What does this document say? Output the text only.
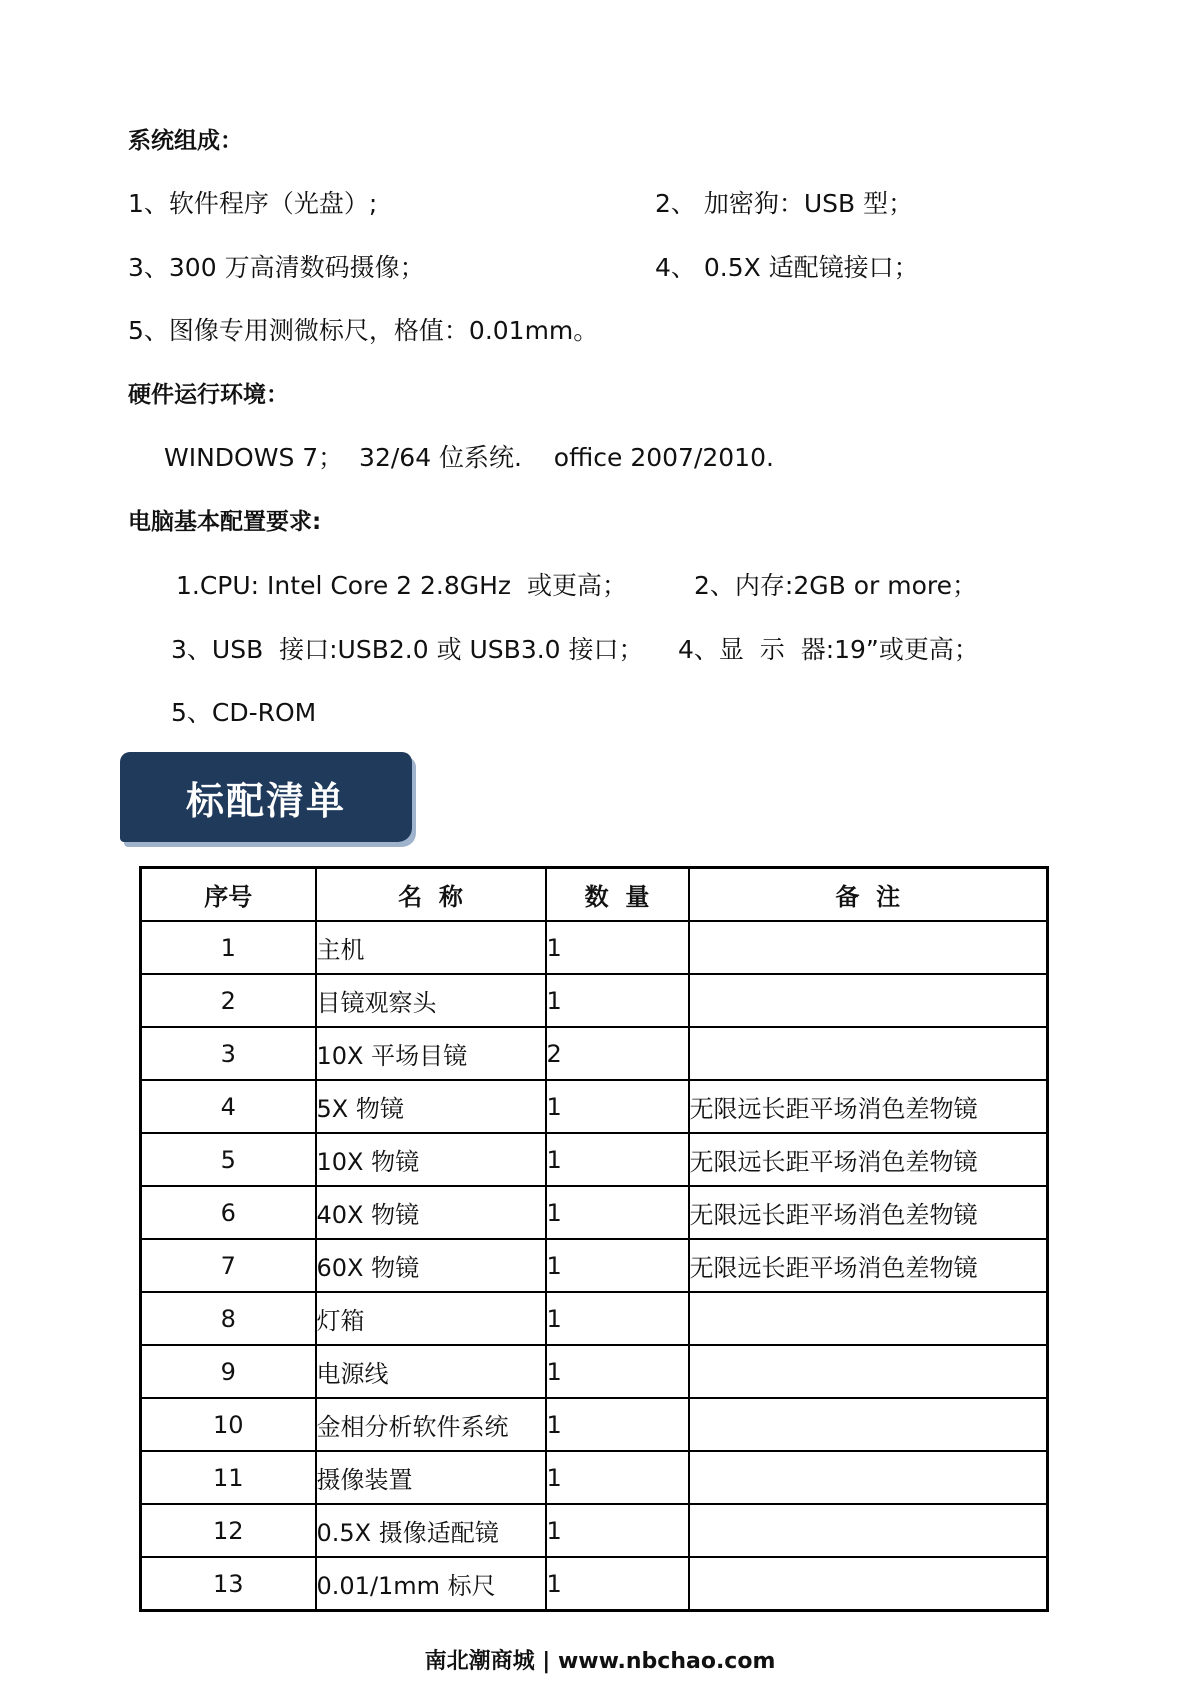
系统组成：
1、软件程序（光盘）;	2、 加密狗：USB 型；
3、300 万高清数码摄像；	4、 0.5X 适配镜接口；
5、图像专用测微标尺，格值：0.01mm。
硬件运行环境：
WINDOWS 7；  32/64 位系统.    office 2007/2010.
电脑基本配置要求:
1.CPU: Intel Core 2 2.8GHz  或更高；	2、内存:2GB or more；
3、USB  接口:USB2.0 或 USB3.0 接口； 4、显  示  器:19”或更高；
5、CD-ROM
标配清单
序号	名  称	数  量	备  注
1	主机	1	
2	目镜观察头	1	
3	10X 平场目镜	2	
4	5X 物镜	1	无限远长距平场消色差物镜
5	10X 物镜	1	无限远长距平场消色差物镜
6	40X 物镜	1	无限远长距平场消色差物镜
7	60X 物镜	1	无限远长距平场消色差物镜
8	灯箱	1	
9	电源线	1	
10	金相分析软件系统	1	
11	摄像装置	1	
12	0.5X 摄像适配镜	1	
13	0.01/1mm 标尺	1	
南北潮商城 | www.nbchao.com
